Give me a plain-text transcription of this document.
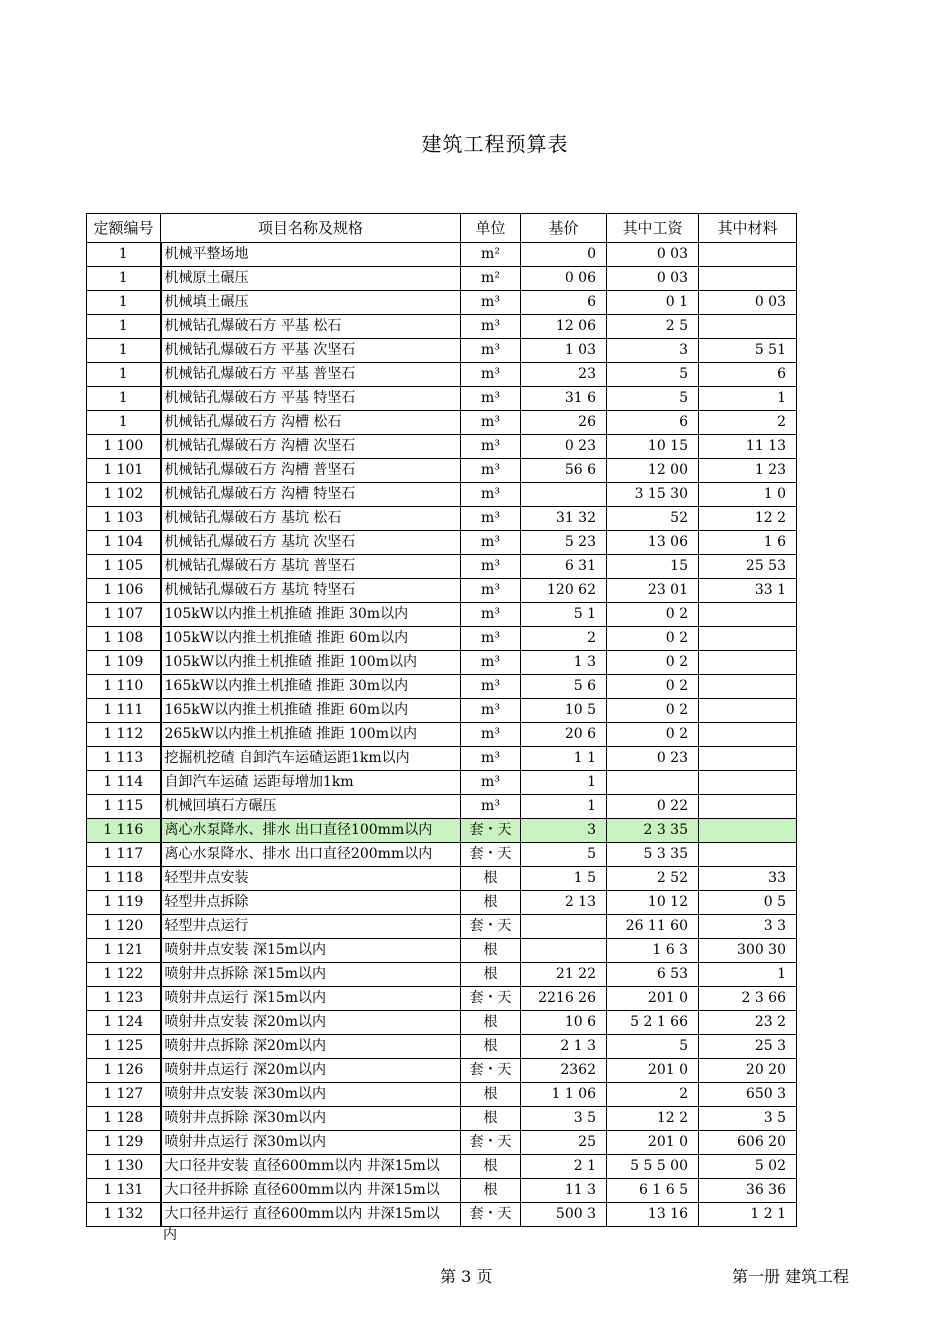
建筑工程预算表
定额编号	项目名称及规格	单位	基价	其中工资	其中材料
1	机械平整场地	m²	0	0 03	
1	机械原土碾压	m²	0 06	0 03	
1	机械填土碾压	m³	6	0 1	0 03
1	机械钻孔爆破石方 平基 松石	m³	12 06	2 5	
1	机械钻孔爆破石方 平基 次坚石	m³	1 03	3	5 51
1	机械钻孔爆破石方 平基 普坚石	m³	23	5	6
1	机械钻孔爆破石方 平基 特坚石	m³	31 6	5	1
1	机械钻孔爆破石方 沟槽 松石	m³	26	6	2
1 100	机械钻孔爆破石方 沟槽 次坚石	m³	0 23	10 15	11 13
1 101	机械钻孔爆破石方 沟槽 普坚石	m³	56 6	12 00	1 23
1 102	机械钻孔爆破石方 沟槽 特坚石	m³		3 15 30	1 0
1 103	机械钻孔爆破石方 基坑 松石	m³	31 32	52	12 2
1 104	机械钻孔爆破石方 基坑 次坚石	m³	5 23	13 06	1 6
1 105	机械钻孔爆破石方 基坑 普坚石	m³	6 31	15	25 53
1 106	机械钻孔爆破石方 基坑 特坚石	m³	120 62	23 01	33 1
1 107	105kW以内推土机推碴 推距 30m以内	m³	5 1	0 2	
1 108	105kW以内推土机推碴 推距 60m以内	m³	2	0 2	
1 109	105kW以内推土机推碴 推距 100m以内	m³	1 3	0 2	
1 110	165kW以内推土机推碴 推距 30m以内	m³	5 6	0 2	
1 111	165kW以内推土机推碴 推距 60m以内	m³	10 5	0 2	
1 112	265kW以内推土机推碴 推距 100m以内	m³	20 6	0 2	
1 113	挖掘机挖碴 自卸汽车运碴运距1km以内	m³	1 1	0 23	
1 114	自卸汽车运碴 运距每增加1km	m³	1		
1 115	机械回填石方碾压	m³	1	0 22	
1 116	离心水泵降水、排水 出口直径100mm以内	套・天	3	2 3 35	
1 117	离心水泵降水、排水 出口直径200mm以内	套・天	5	5 3 35	
1 118	轻型井点安装	根	1 5	2 52	33
1 119	轻型井点拆除	根	2 13	10 12	0 5
1 120	轻型井点运行	套・天		26 11 60	3 3
1 121	喷射井点安装 深15m以内	根		1 6 3	300 30
1 122	喷射井点拆除 深15m以内	根	21 22	6 53	1
1 123	喷射井点运行 深15m以内	套・天	2216 26	201 0	2 3 66
1 124	喷射井点安装 深20m以内	根	10 6	5 2 1 66	23 2
1 125	喷射井点拆除 深20m以内	根	2 1 3	5	25 3
1 126	喷射井点运行 深20m以内	套・天	2362	201 0	20 20
1 127	喷射井点安装 深30m以内	根	1 1 06	2	650 3
1 128	喷射井点拆除 深30m以内	根	3 5	12 2	3 5
1 129	喷射井点运行 深30m以内	套・天	25	201 0	606 20
1 130	大口径井安装 直径600mm以内 井深15m以	根	2 1	5 5 5 00	5 02
1 131	大口径井拆除 直径600mm以内 井深15m以	根	11 3	6 1 6 5	36 36
1 132	大口径井运行 直径600mm以内 井深15m以	套・天	500 3	13 16	1 2 1
内
第 3 页	第一册 建筑工程
